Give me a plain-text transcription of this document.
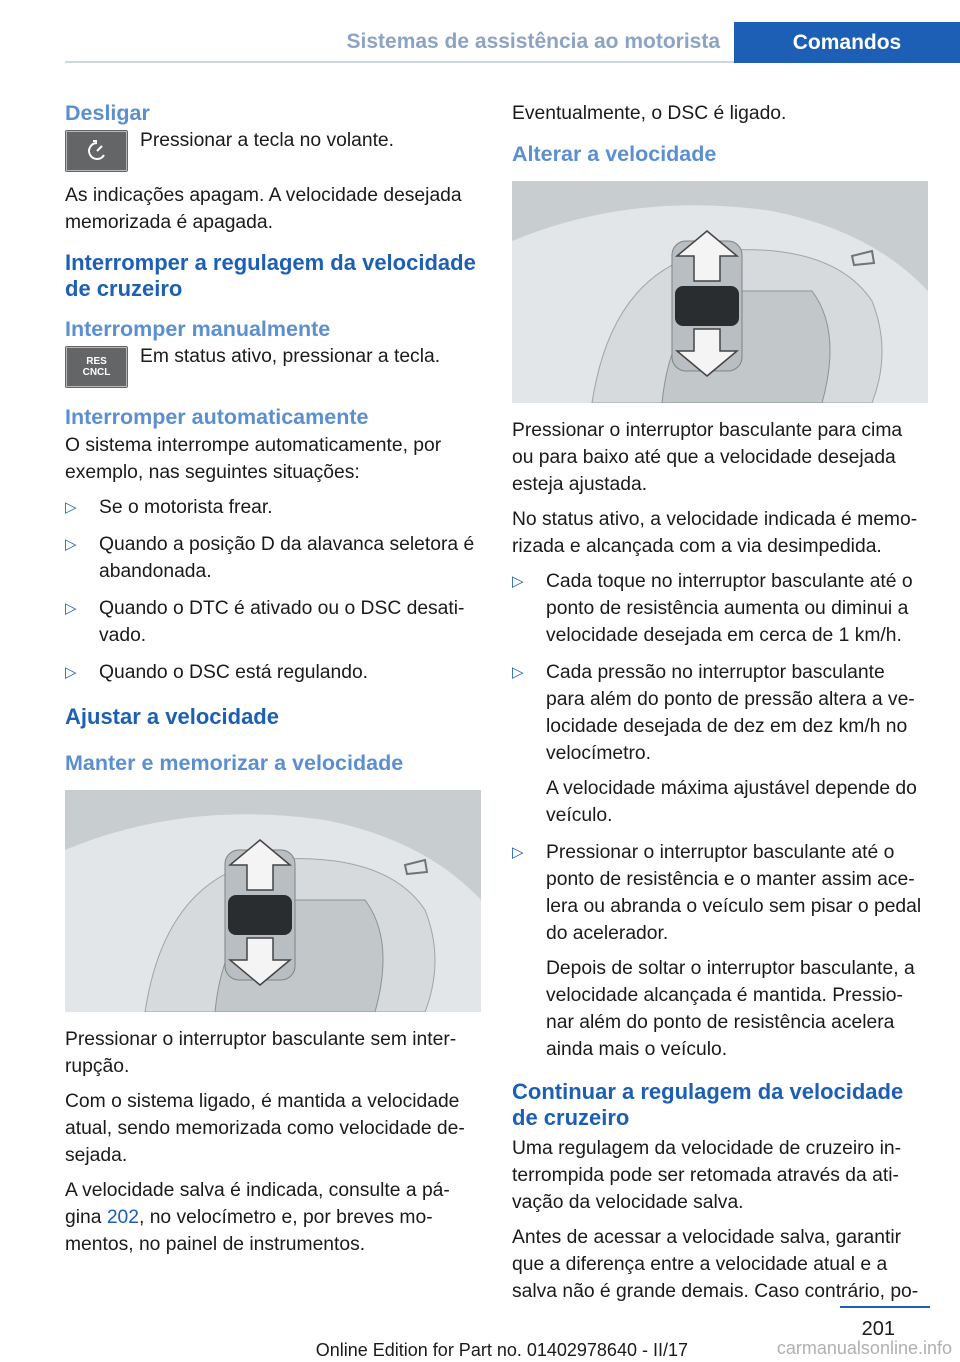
Sistemas de assistência ao motorista	Comandos
Desligar
Pressionar a tecla no volante.

As indicações apagam. A velocidade desejada memorizada é apagada.

Interromper a regulagem da velocidade de cruzeiro
Interromper manualmente
RES
CNCL
Em status ativo, pressionar a tecla.
Interromper automaticamente

O sistema interrompe automaticamente, por exemplo, nas seguintes situações:

▷ Se o motorista frear.
▷ Quando a posição D da alavanca seletora é abandonada.
▷ Quando o DTC é ativado ou o DSC desati‐vado.
▷ Quando o DSC está regulando.
Ajustar a velocidade
Manter e memorizar a velocidade

Pressionar o interruptor basculante sem inter‐rupção.

Com o sistema ligado, é mantida a velocidade atual, sendo memorizada como velocidade de‐sejada.

A velocidade salva é indicada, consulte a pá‐gina 202, no velocímetro e, por breves mo‐mentos, no painel de instrumentos.

Eventualmente, o DSC é ligado.

Alterar a velocidade

Pressionar o interruptor basculante para cima ou para baixo até que a velocidade desejada esteja ajustada.

No status ativo, a velocidade indicada é memo‐rizada e alcançada com a via desimpedida.

▷ Cada toque no interruptor basculante até o ponto de resistência aumenta ou diminui a velocidade desejada em cerca de 1 km/h.
▷ Cada pressão no interruptor basculante para além do ponto de pressão altera a ve‐locidade desejada de dez em dez km/h no velocímetro.
A velocidade máxima ajustável depende do veículo.
▷ Pressionar o interruptor basculante até o ponto de resistência e o manter assim ace‐lera ou abranda o veículo sem pisar o pedal do acelerador.
Depois de soltar o interruptor basculante, a velocidade alcançada é mantida. Pressio‐nar além do ponto de resistência acelera ainda mais o veículo.
Continuar a regulagem da velocidade de cruzeiro

Uma regulagem da velocidade de cruzeiro in‐terrompida pode ser retomada através da ati‐vação da velocidade salva.

Antes de acessar a velocidade salva, garantir que a diferença entre a velocidade atual e a salva não é grande demais. Caso contrário, po‐

201
Online Edition for Part no. 01402978640 - II/17	carmanualsonline.info
